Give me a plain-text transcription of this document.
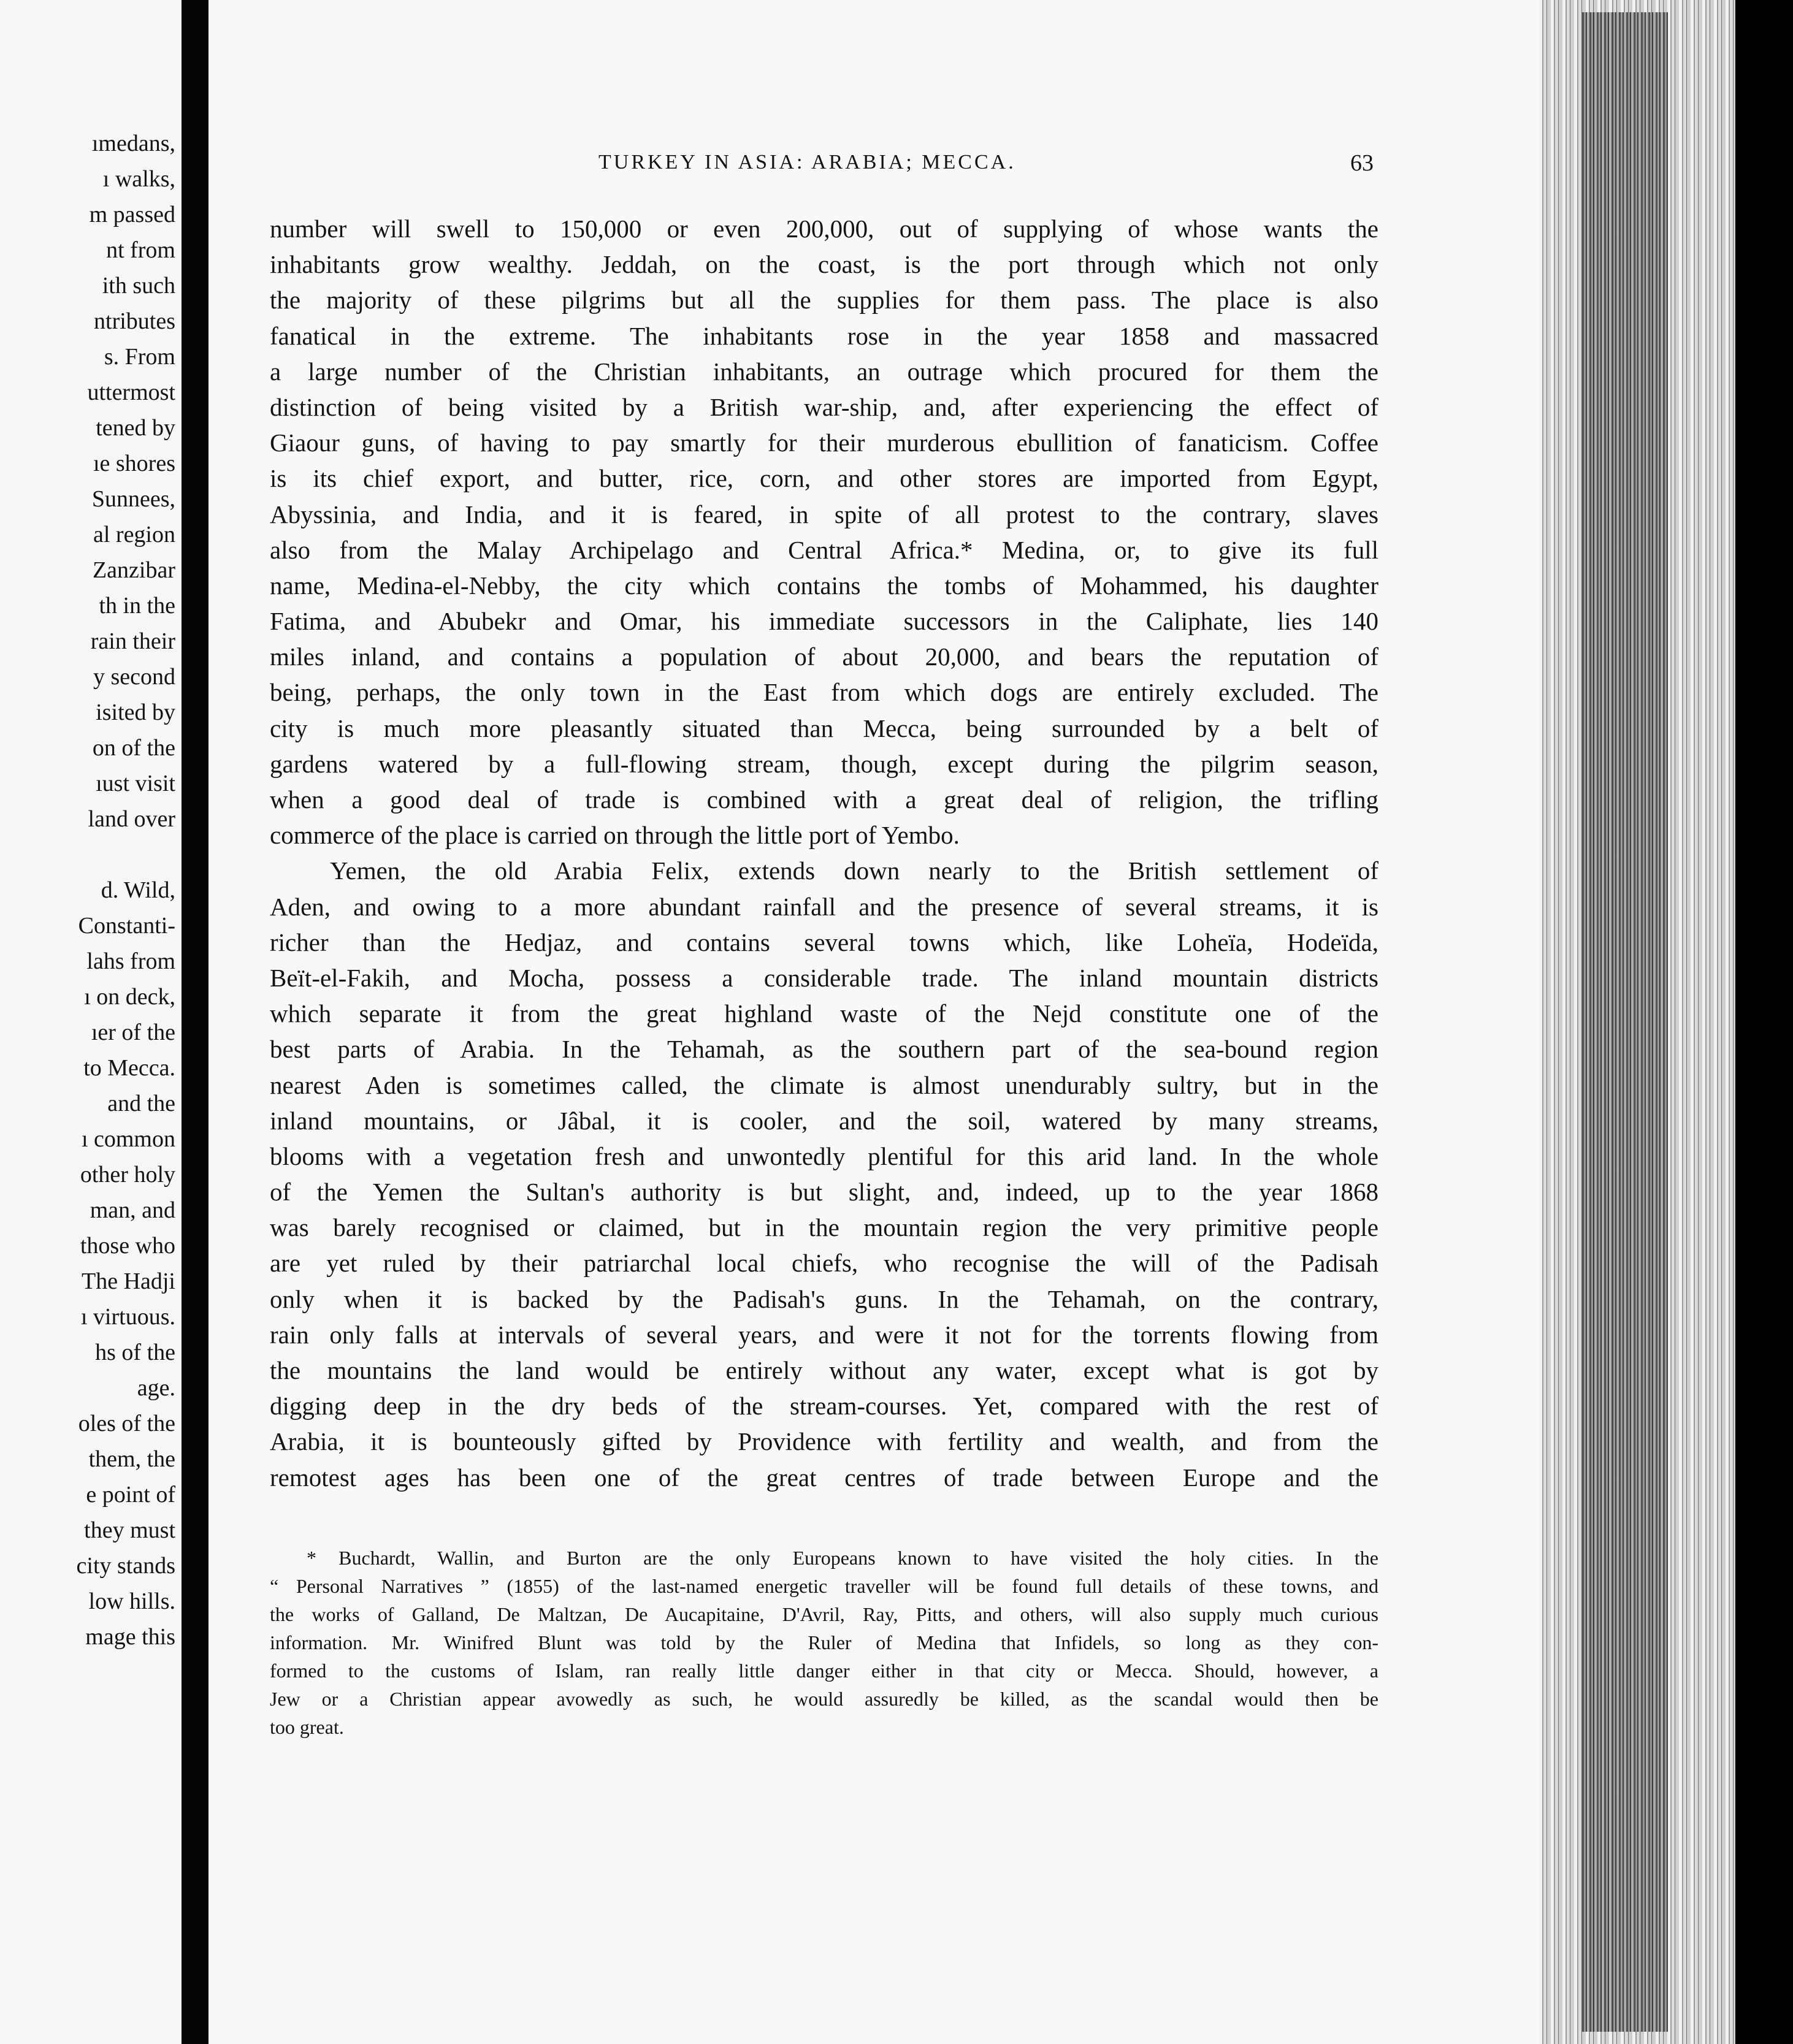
ımedans,
ı walks,
m passed
nt from
ith such
ntributes
s. From
uttermost
tened by
ıe shores
Sunnees,
al region
Zanzibar
th in the
rain their
y second
isited by
on of the
ıust visit
land over
d. Wild,
Constanti-
lahs from
ı on deck,
ıer of the
to Mecca.
and the
ı common
other holy
man, and
those who
The Hadji
ı virtuous.
hs of the
age.
oles of the
them, the
e point of
they must
city stands
low hills.
mage this
TURKEY IN ASIA: ARABIA; MECCA.	63
number will swell to 150,000 or even 200,000, out of supplying of whose wants the
inhabitants grow wealthy. Jeddah, on the coast, is the port through which not only
the majority of these pilgrims but all the supplies for them pass. The place is also
fanatical in the extreme. The inhabitants rose in the year 1858 and massacred
a large number of the Christian inhabitants, an outrage which procured for them the
distinction of being visited by a British war-ship, and, after experiencing the effect of
Giaour guns, of having to pay smartly for their murderous ebullition of fanaticism. Coffee
is its chief export, and butter, rice, corn, and other stores are imported from Egypt,
Abyssinia, and India, and it is feared, in spite of all protest to the contrary, slaves
also from the Malay Archipelago and Central Africa.* Medina, or, to give its full
name, Medina-el-Nebby, the city which contains the tombs of Mohammed, his daughter
Fatima, and Abubekr and Omar, his immediate successors in the Caliphate, lies 140
miles inland, and contains a population of about 20,000, and bears the reputation of
being, perhaps, the only town in the East from which dogs are entirely excluded. The
city is much more pleasantly situated than Mecca, being surrounded by a belt of
gardens watered by a full-flowing stream, though, except during the pilgrim season,
when a good deal of trade is combined with a great deal of religion, the trifling
commerce of the place is carried on through the little port of Yembo.
Yemen, the old Arabia Felix, extends down nearly to the British settlement of
Aden, and owing to a more abundant rainfall and the presence of several streams, it is
richer than the Hedjaz, and contains several towns which, like Loheïa, Hodeïda,
Beït-el-Fakih, and Mocha, possess a considerable trade. The inland mountain districts
which separate it from the great highland waste of the Nejd constitute one of the
best parts of Arabia. In the Tehamah, as the southern part of the sea-bound region
nearest Aden is sometimes called, the climate is almost unendurably sultry, but in the
inland mountains, or Jâbal, it is cooler, and the soil, watered by many streams,
blooms with a vegetation fresh and unwontedly plentiful for this arid land. In the whole
of the Yemen the Sultan's authority is but slight, and, indeed, up to the year 1868
was barely recognised or claimed, but in the mountain region the very primitive people
are yet ruled by their patriarchal local chiefs, who recognise the will of the Padisah
only when it is backed by the Padisah's guns. In the Tehamah, on the contrary,
rain only falls at intervals of several years, and were it not for the torrents flowing from
the mountains the land would be entirely without any water, except what is got by
digging deep in the dry beds of the stream-courses. Yet, compared with the rest of
Arabia, it is bounteously gifted by Providence with fertility and wealth, and from the
remotest ages has been one of the great centres of trade between Europe and the
* Buchardt, Wallin, and Burton are the only Europeans known to have visited the holy cities. In the
“ Personal Narratives ” (1855) of the last-named energetic traveller will be found full details of these towns, and
the works of Galland, De Maltzan, De Aucapitaine, D'Avril, Ray, Pitts, and others, will also supply much curious
information. Mr. Winifred Blunt was told by the Ruler of Medina that Infidels, so long as they con-
formed to the customs of Islam, ran really little danger either in that city or Mecca. Should, however, a
Jew or a Christian appear avowedly as such, he would assuredly be killed, as the scandal would then be
too great.
